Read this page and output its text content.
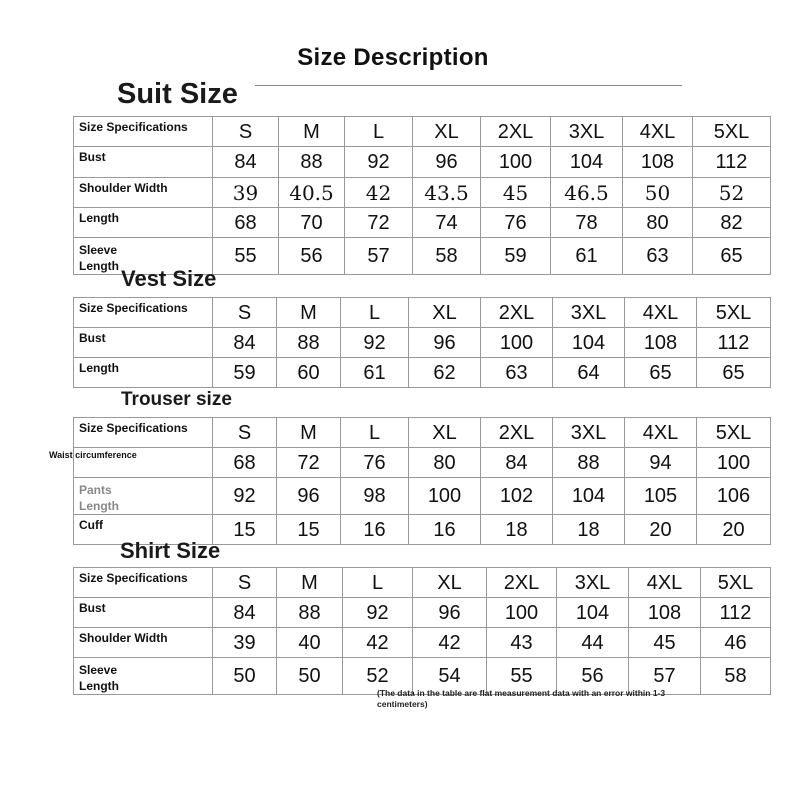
Size Description
Suit Size
Size Specifications	S	M	L	XL	2XL	3XL	4XL	5XL
Bust	84	88	92	96	100	104	108	112
Shoulder Width	39	40.5	42	43.5	45	46.5	50	52
Length	68	70	72	74	76	78	80	82
Sleeve
Length	55	56	57	58	59	61	63	65
Vest Size
Size Specifications	S	M	L	XL	2XL	3XL	4XL	5XL
Bust	84	88	92	96	100	104	108	112
Length	59	60	61	62	63	64	65	65
Trouser size
Size Specifications	S	M	L	XL	2XL	3XL	4XL	5XL
$^{Waist circumference}$	68	72	76	80	84	88	94	100
Pants
Length	92	96	98	100	102	104	105	106
Cuff	15	15	16	16	18	18	20	20
Shirt Size
Size Specifications	S	M	L	XL	2XL	3XL	4XL	5XL
Bust	84	88	92	96	100	104	108	112
Shoulder Width	39	40	42	42	43	44	45	46
Sleeve
Length	50	50	52	54	55	56	57	58
(The data in the table are flat measurement data with an error within 1-3 centimeters)
